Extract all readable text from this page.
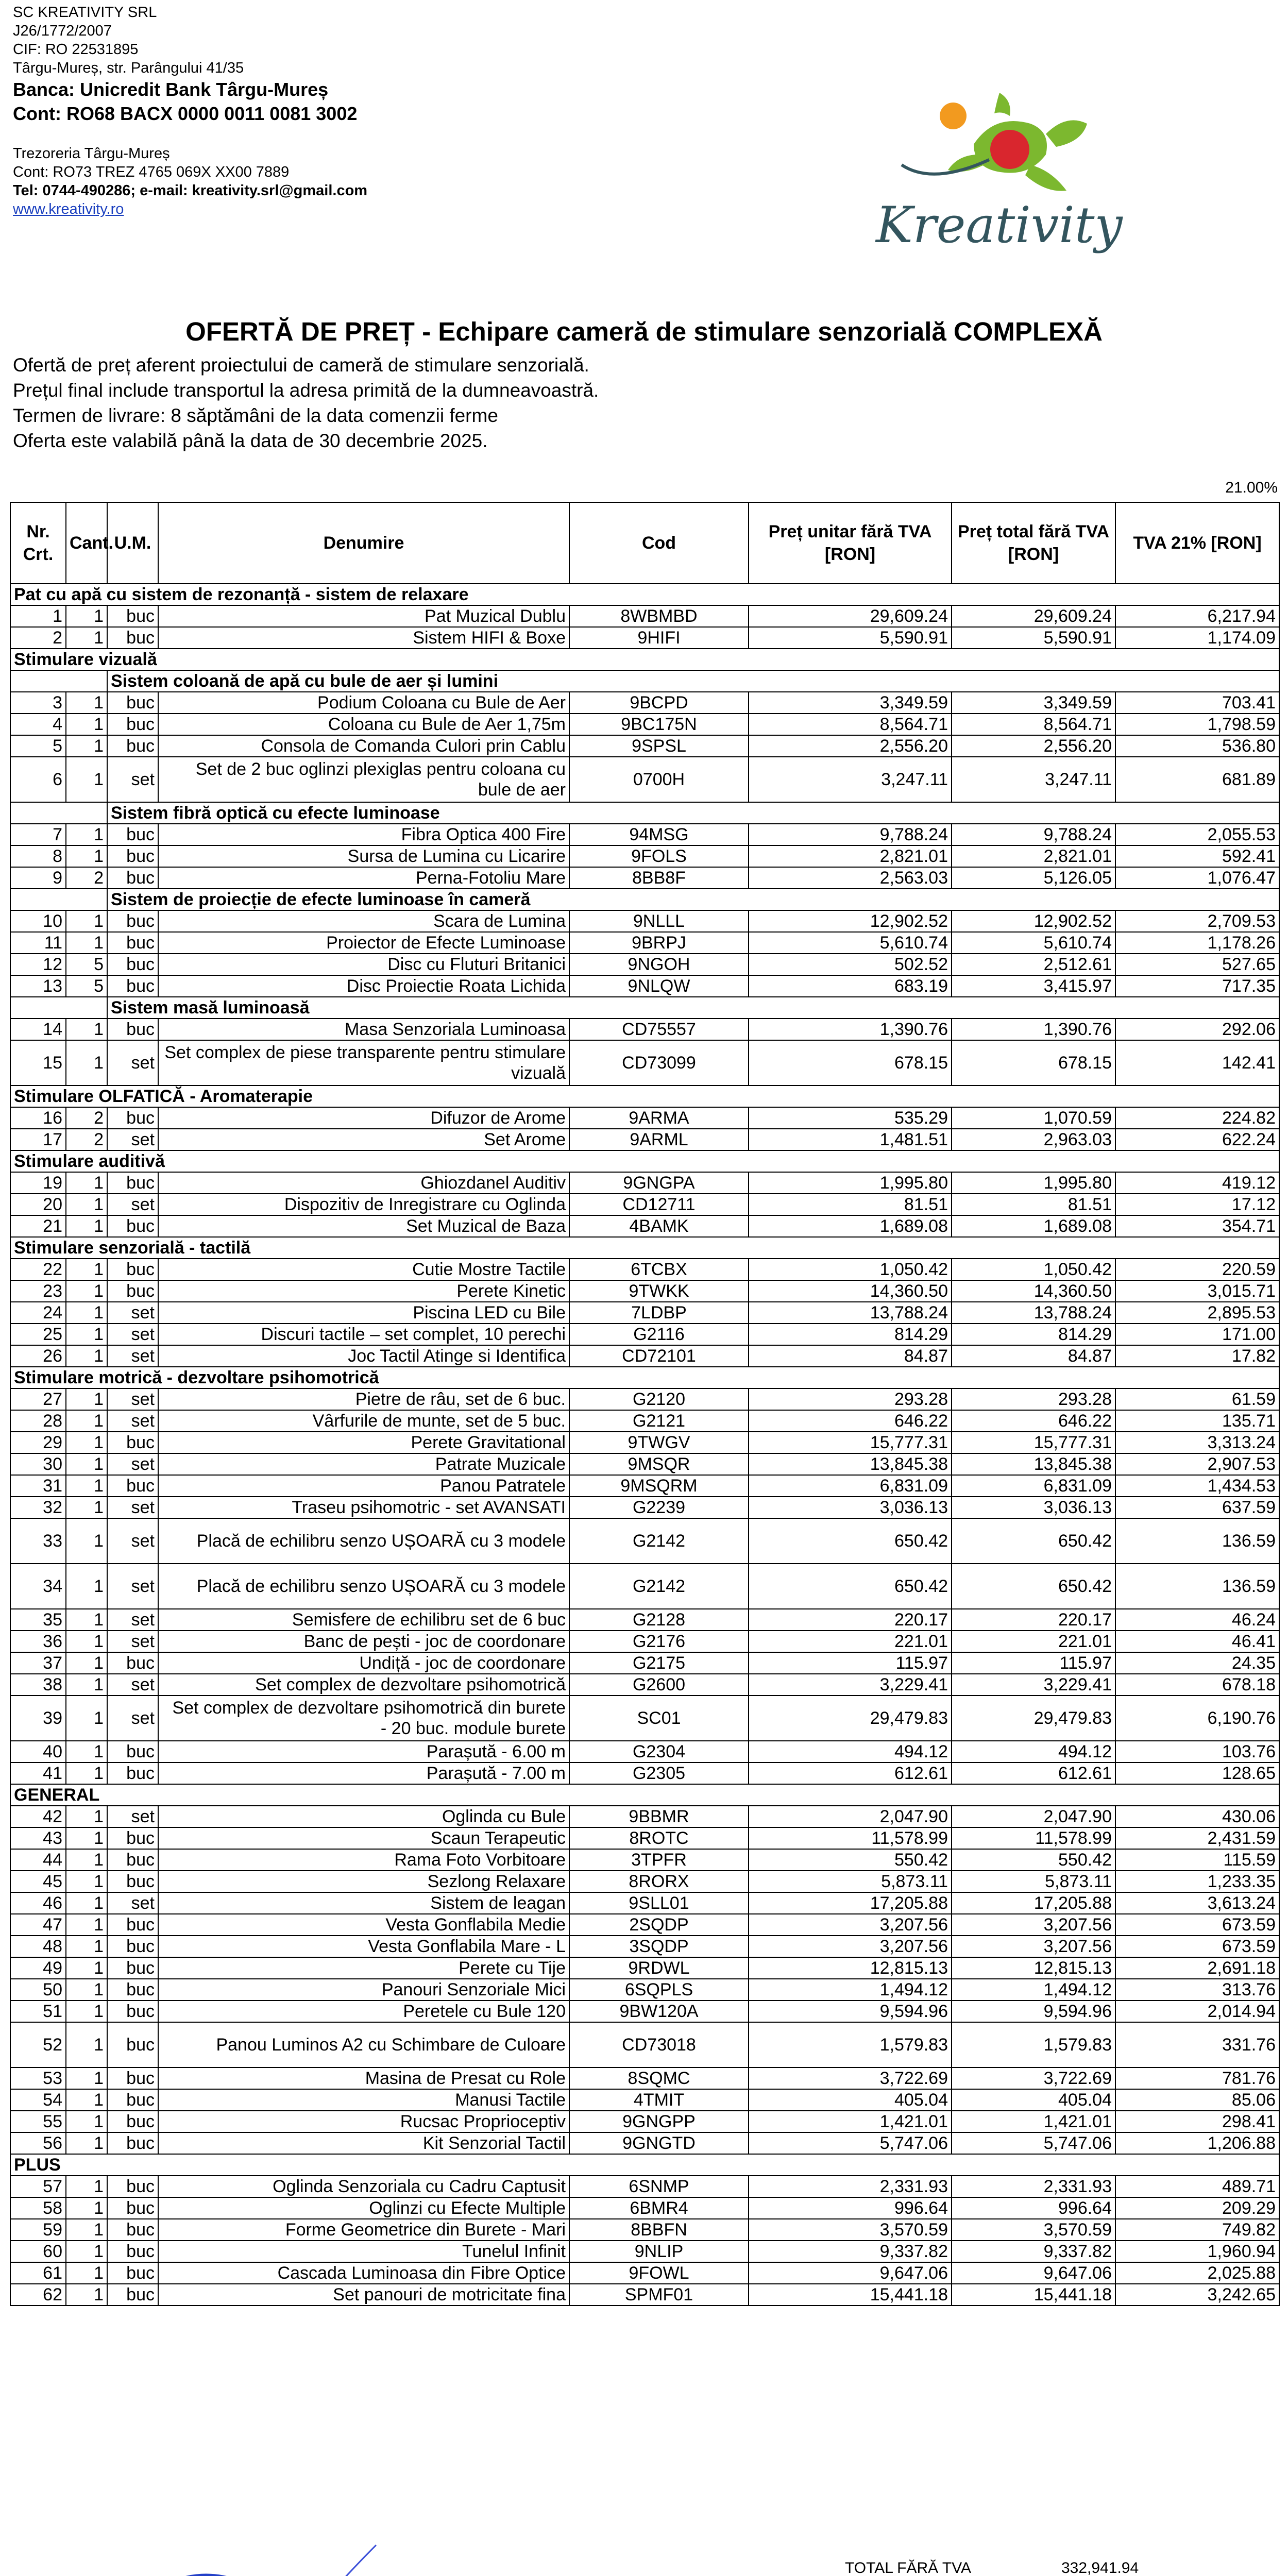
SC KREATIVITY SRL
J26/1772/2007
CIF: RO 22531895
Târgu-Mureș, str. Parângului 41/35
Banca: Unicredit Bank Târgu-Mureș
Cont: RO68 BACX 0000 0011 0081 3002
Trezoreria Târgu-Mureș
Cont: RO73 TREZ 4765 069X XX00 7889
Tel: 0744-490286; e-mail: kreativity.srl@gmail.com
www.kreativity.ro	Kreativity
OFERTĂ DE PREȚ - Echipare cameră de stimulare senzorială COMPLEXĂ
Ofertă de preț aferent proiectului de cameră de stimulare senzorială.
Prețul final include transportul la adresa primită de la dumneavoastră.
Termen de livrare: 8 săptămâni de la data comenzii ferme
Oferta este valabilă până la data de 30 decembrie 2025.
21.00%
Nr. Crt.	Cant.	U.M.	Denumire	Cod	Preț unitar fără TVA [RON]	Preț total fără TVA [RON]	TVA 21% [RON]
Pat cu apă cu sistem de rezonanță - sistem de relaxare							
1	1	buc	Pat Muzical Dublu	8WBMBD	29,609.24	29,609.24	6,217.94
2	1	buc	Sistem HIFI & Boxe	9HIFI	5,590.91	5,590.91	1,174.09
Stimulare vizuală							
		Sistem coloană de apă cu bule de aer și lumini					
3	1	buc	Podium Coloana cu Bule de Aer	9BCPD	3,349.59	3,349.59	703.41
4	1	buc	Coloana cu Bule de Aer 1,75m	9BC175N	8,564.71	8,564.71	1,798.59
5	1	buc	Consola de Comanda Culori prin Cablu	9SPSL	2,556.20	2,556.20	536.80
6	1	set	Set de 2 buc oglinzi plexiglas pentru coloana cu bule de aer	0700H	3,247.11	3,247.11	681.89
		Sistem fibră optică cu efecte luminoase					
7	1	buc	Fibra Optica 400 Fire	94MSG	9,788.24	9,788.24	2,055.53
8	1	buc	Sursa de Lumina cu Licarire	9FOLS	2,821.01	2,821.01	592.41
9	2	buc	Perna-Fotoliu Mare	8BB8F	2,563.03	5,126.05	1,076.47
		Sistem de proiecție de efecte luminoase în cameră					
10	1	buc	Scara de Lumina	9NLLL	12,902.52	12,902.52	2,709.53
11	1	buc	Proiector de Efecte Luminoase	9BRPJ	5,610.74	5,610.74	1,178.26
12	5	buc	Disc cu Fluturi Britanici	9NGOH	502.52	2,512.61	527.65
13	5	buc	Disc Proiectie Roata Lichida	9NLQW	683.19	3,415.97	717.35
		Sistem masă luminoasă					
14	1	buc	Masa Senzoriala Luminoasa	CD75557	1,390.76	1,390.76	292.06
15	1	set	Set complex de piese transparente pentru stimulare vizuală	CD73099	678.15	678.15	142.41
Stimulare OLFATICĂ - Aromaterapie							
16	2	buc	Difuzor de Arome	9ARMA	535.29	1,070.59	224.82
17	2	set	Set Arome	9ARML	1,481.51	2,963.03	622.24
Stimulare auditivă							
19	1	buc	Ghiozdanel Auditiv	9GNGPA	1,995.80	1,995.80	419.12
20	1	set	Dispozitiv de Inregistrare cu Oglinda	CD12711	81.51	81.51	17.12
21	1	buc	Set Muzical de Baza	4BAMK	1,689.08	1,689.08	354.71
Stimulare senzorială - tactilă							
22	1	buc	Cutie Mostre Tactile	6TCBX	1,050.42	1,050.42	220.59
23	1	buc	Perete Kinetic	9TWKK	14,360.50	14,360.50	3,015.71
24	1	set	Piscina LED cu Bile	7LDBP	13,788.24	13,788.24	2,895.53
25	1	set	Discuri tactile – set complet, 10 perechi	G2116	814.29	814.29	171.00
26	1	set	Joc Tactil Atinge si Identifica	CD72101	84.87	84.87	17.82
Stimulare motrică - dezvoltare psihomotrică							
27	1	set	Pietre de râu, set de 6 buc.	G2120	293.28	293.28	61.59
28	1	set	Vârfurile de munte, set de 5 buc.	G2121	646.22	646.22	135.71
29	1	buc	Perete Gravitational	9TWGV	15,777.31	15,777.31	3,313.24
30	1	set	Patrate Muzicale	9MSQR	13,845.38	13,845.38	2,907.53
31	1	buc	Panou Patratele	9MSQRM	6,831.09	6,831.09	1,434.53
32	1	set	Traseu psihomotric - set AVANSATI	G2239	3,036.13	3,036.13	637.59
33	1	set	Placă de echilibru senzo UȘOARĂ cu 3 modele	G2142	650.42	650.42	136.59
34	1	set	Placă de echilibru senzo UȘOARĂ cu 3 modele	G2142	650.42	650.42	136.59
35	1	set	Semisfere de echilibru set de 6 buc	G2128	220.17	220.17	46.24
36	1	set	Banc de pești - joc de coordonare	G2176	221.01	221.01	46.41
37	1	buc	Undiță - joc de coordonare	G2175	115.97	115.97	24.35
38	1	set	Set complex de dezvoltare psihomotrică	G2600	3,229.41	3,229.41	678.18
39	1	set	Set complex de dezvoltare psihomotrică din burete - 20 buc. module burete	SC01	29,479.83	29,479.83	6,190.76
40	1	buc	Parașută - 6.00 m	G2304	494.12	494.12	103.76
41	1	buc	Parașută - 7.00 m	G2305	612.61	612.61	128.65
GENERAL							
42	1	set	Oglinda cu Bule	9BBMR	2,047.90	2,047.90	430.06
43	1	buc	Scaun Terapeutic	8ROTC	11,578.99	11,578.99	2,431.59
44	1	buc	Rama Foto Vorbitoare	3TPFR	550.42	550.42	115.59
45	1	buc	Sezlong Relaxare	8RORX	5,873.11	5,873.11	1,233.35
46	1	set	Sistem de leagan	9SLL01	17,205.88	17,205.88	3,613.24
47	1	buc	Vesta Gonflabila Medie	2SQDP	3,207.56	3,207.56	673.59
48	1	buc	Vesta Gonflabila Mare - L	3SQDP	3,207.56	3,207.56	673.59
49	1	buc	Perete cu Tije	9RDWL	12,815.13	12,815.13	2,691.18
50	1	buc	Panouri Senzoriale Mici	6SQPLS	1,494.12	1,494.12	313.76
51	1	buc	Peretele cu Bule 120	9BW120A	9,594.96	9,594.96	2,014.94
52	1	buc	Panou Luminos A2 cu Schimbare de Culoare	CD73018	1,579.83	1,579.83	331.76
53	1	buc	Masina de Presat cu Role	8SQMC	3,722.69	3,722.69	781.76
54	1	buc	Manusi Tactile	4TMIT	405.04	405.04	85.06
55	1	buc	Rucsac Proprioceptiv	9GNGPP	1,421.01	1,421.01	298.41
56	1	buc	Kit Senzorial Tactil	9GNGTD	5,747.06	5,747.06	1,206.88
PLUS							
57	1	buc	Oglinda Senzoriala cu Cadru Captusit	6SNMP	2,331.93	2,331.93	489.71
58	1	buc	Oglinzi cu Efecte Multiple	6BMR4	996.64	996.64	209.29
59	1	buc	Forme Geometrice din Burete - Mari	8BBFN	3,570.59	3,570.59	749.82
60	1	buc	Tunelul Infinit	9NLIP	9,337.82	9,337.82	1,960.94
61	1	buc	Cascada Luminoasa din Fibre Optice	9FOWL	9,647.06	9,647.06	2,025.88
62	1	buc	Set panouri de motricitate fina	SPMF01	15,441.18	15,441.18	3,242.65
TOTAL FĂRĂ TVA	332,941.94
